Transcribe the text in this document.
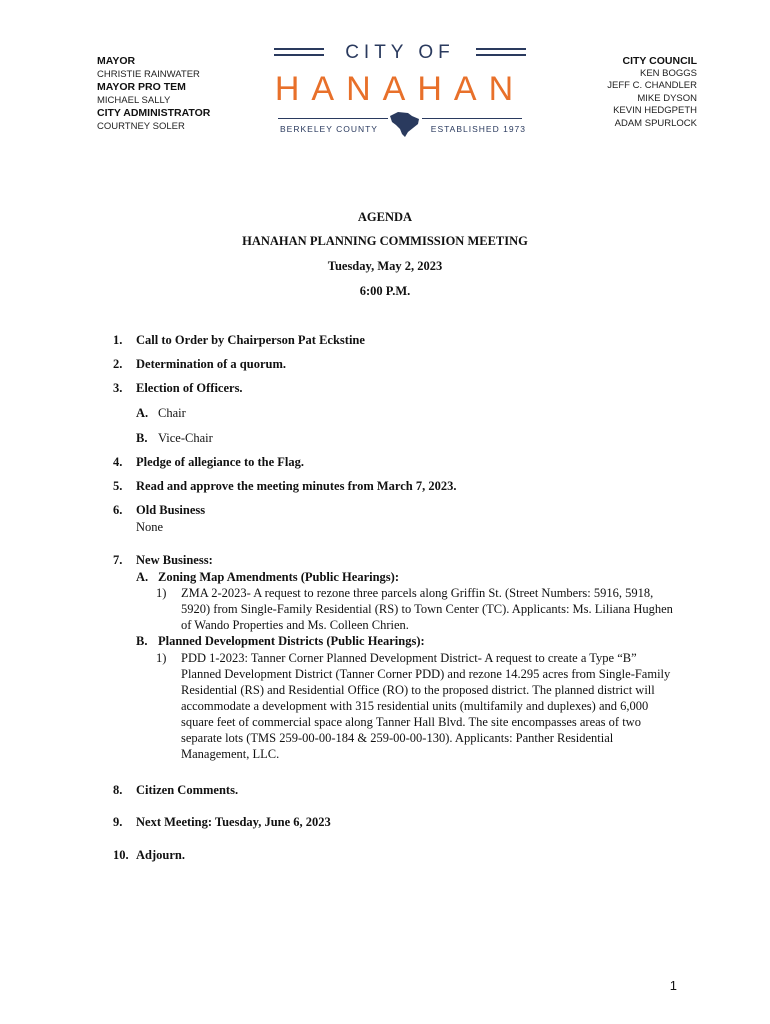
MAYOR
CHRISTIE RAINWATER
MAYOR PRO TEM
MICHAEL SALLY
CITY ADMINISTRATOR
COURTNEY SOLER
CITY OF
HANAHAN
BERKELEY COUNTY	ESTABLISHED 1973
CITY COUNCIL
KEN BOGGS
JEFF C. CHANDLER
MIKE DYSON
KEVIN HEDGPETH
ADAM SPURLOCK
AGENDA
HANAHAN PLANNING COMMISSION MEETING
Tuesday, May 2, 2023
6:00 P.M.
1. Call to Order by Chairperson Pat Eckstine
2. Determination of a quorum.
3. Election of Officers.
A. Chair
B. Vice-Chair
4. Pledge of allegiance to the Flag.
5. Read and approve the meeting minutes from March 7, 2023.
6. Old Business
None
7. New Business:
A. Zoning Map Amendments (Public Hearings):
1) ZMA 2-2023- A request to rezone three parcels along Griffin St. (Street Numbers: 5916, 5918, 5920) from Single-Family Residential (RS) to Town Center (TC). Applicants: Ms. Liliana Hughen of Wando Properties and Ms. Colleen Chrien.
B. Planned Development Districts (Public Hearings):
1) PDD 1-2023: Tanner Corner Planned Development District- A request to create a Type “B” Planned Development District (Tanner Corner PDD) and rezone 14.295 acres from Single-Family Residential (RS) and Residential Office (RO) to the proposed district. The planned district will accommodate a development with 315 residential units (multifamily and duplexes) and 6,000 square feet of commercial space along Tanner Hall Blvd. The site encompasses areas of two separate lots (TMS 259-00-00-184 & 259-00-00-130). Applicants: Panther Residential Management, LLC.
8. Citizen Comments.
9. Next Meeting: Tuesday, June 6, 2023
10. Adjourn.
1
